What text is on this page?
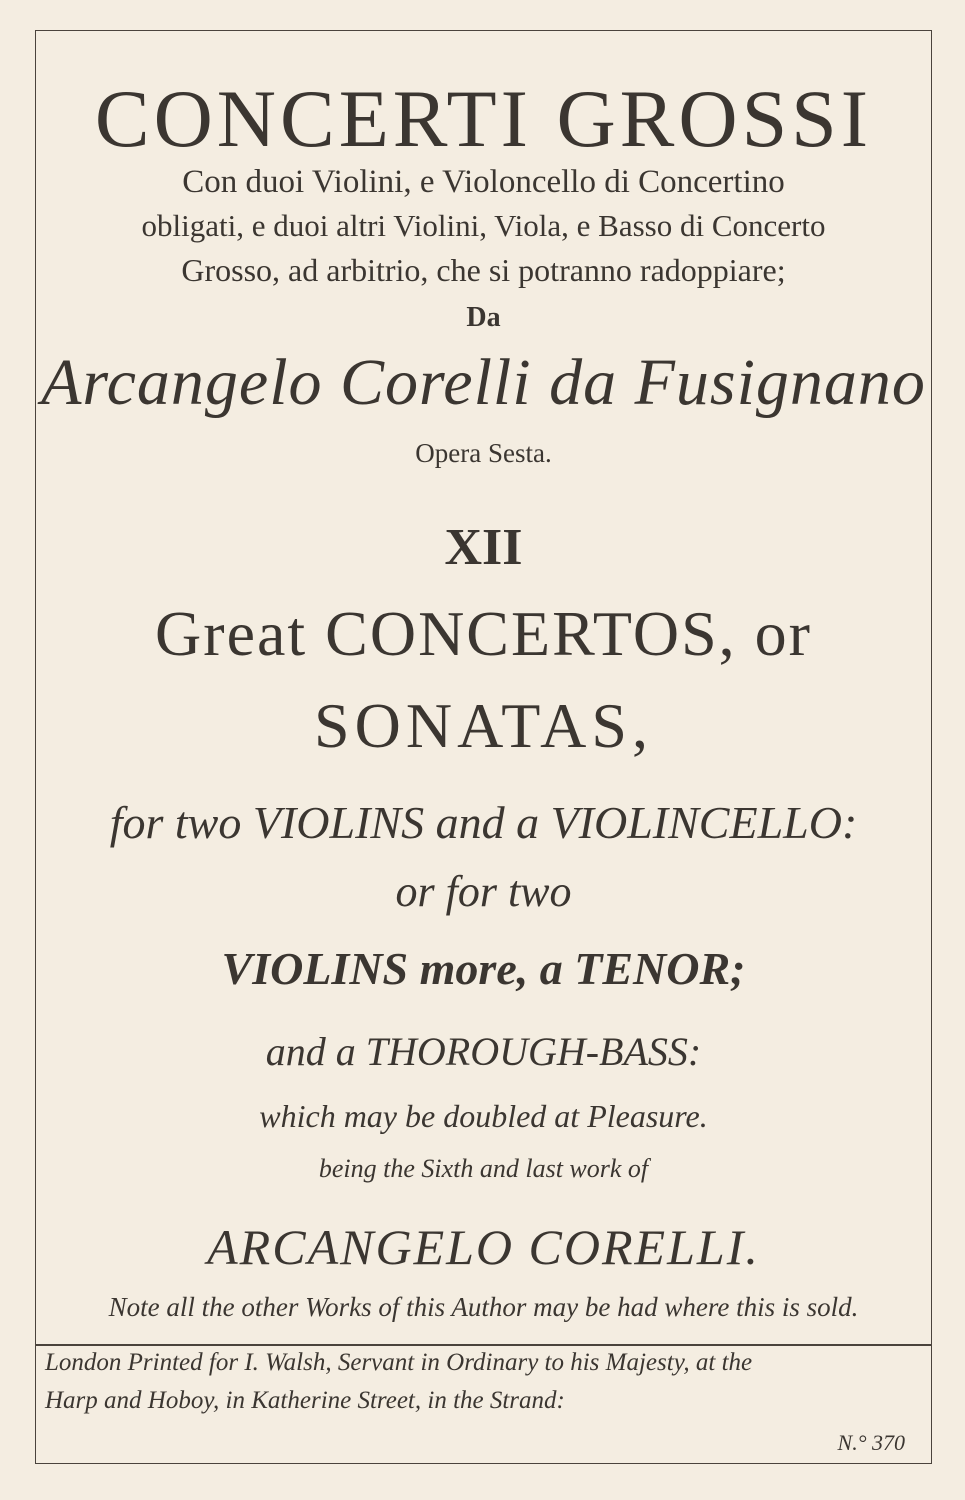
CONCERTI GROSSI
Con duoi Violini, e Violoncello di Concertino
obligati, e duoi altri Violini, Viola, e Basso di Concerto
Grosso, ad arbitrio, che si potranno radoppiare;
Da
Arcangelo Corelli da Fusignano
Opera Sesta.
XII
Great CONCERTOS, or
SONATAS,
for two VIOLINS and a VIOLINCELLO:
or for two
VIOLINS more, a TENOR;
and a THOROUGH-BASS:
which may be doubled at Pleasure.
being the Sixth and last work of
ARCANGELO CORELLI.
Note all the other Works of this Author may be had where this is sold.
London Printed for I. Walsh, Servant in Ordinary to his Majesty, at the
Harp and Hoboy, in Katherine Street, in the Strand:
N.° 370
